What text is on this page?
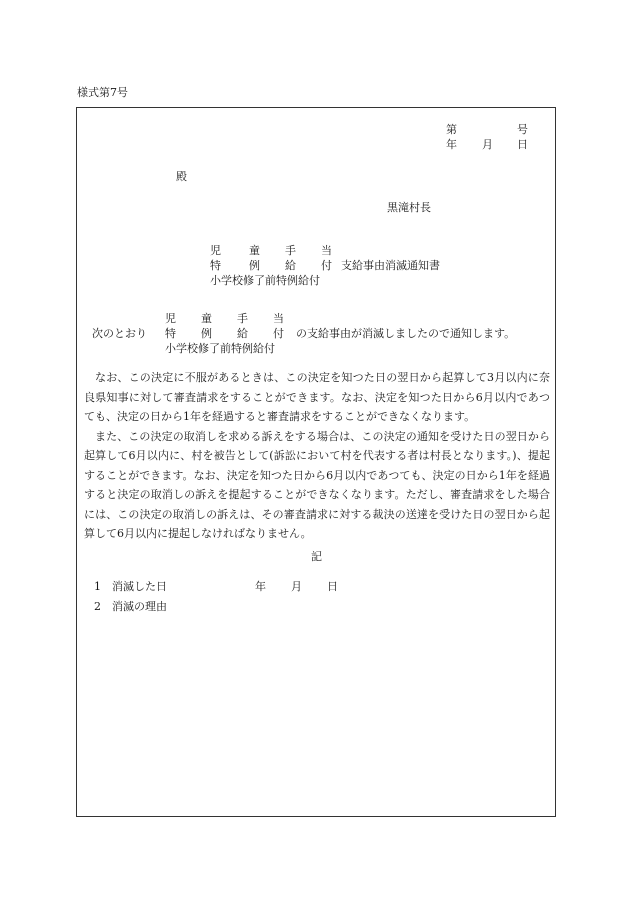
様式第7号
第	号
年 月 日
殿
黒滝村長
児	童 手 当
特	例 給 付 支給事由消滅通知書
小学校修了前特例給付
児 童 手 当
次のとおり 特 例 給 付 の支給事由が消滅しましたので通知します。
小学校修了前特例給付

なお、この決定に不服があるときは、この決定を知つた日の翌日から起算して3月以内に奈良県知事に対して審査請求をすることができます。なお、決定を知つた日から6月以内であつても、決定の日から1年を経過すると審査請求をすることができなくなります。

また、この決定の取消しを求める訴えをする場合は、この決定の通知を受けた日の翌日から起算して6月以内に、村を被告として(訴訟において村を代表する者は村長となります。)、提起することができます。なお、決定を知つた日から6月以内であつても、決定の日から1年を経過すると決定の取消しの訴えを提起することができなくなります。ただし、審査請求をした場合には、この決定の取消しの訴えは、その審査請求に対する裁決の送達を受けた日の翌日から起算して6月以内に提起しなければなりません。

記
1 消滅した日	年 月 日
2 消滅の理由
